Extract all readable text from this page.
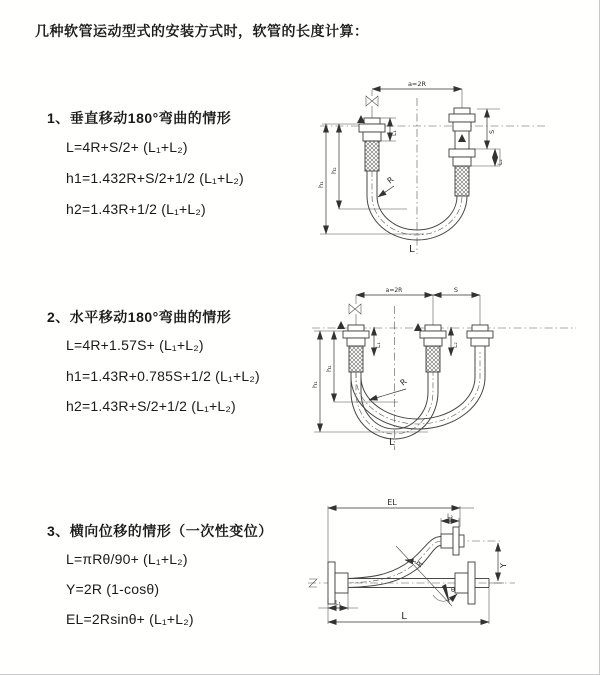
几种软管运动型式的安装方式时，软管的长度计算：
1、垂直移动180°弯曲的情形
L=4R+S/2+ (L₁+L₂)
h1=1.432R+S/2+1/2 (L₁+L₂)
h2=1.43R+1/2 (L₁+L₂)
2、水平移动180°弯曲的情形
L=4R+1.57S+ (L₁+L₂)
h1=1.43R+0.785S+1/2 (L₁+L₂)
h2=1.43R+S/2+1/2 (L₁+L₂)
3、横向位移的情形（一次性变位）
L=πRθ/90+ (L₁+L₂)
Y=2R (1-cosθ)
EL=2Rsinθ+ (L₁+L₂)
a=2R
R
h₁
h₂
L₁	S
L₂
L
a=2R	S
R
h₁
h₂
L₁	L₂
L
EL
L₂
Y
R
θ
L₁
L
